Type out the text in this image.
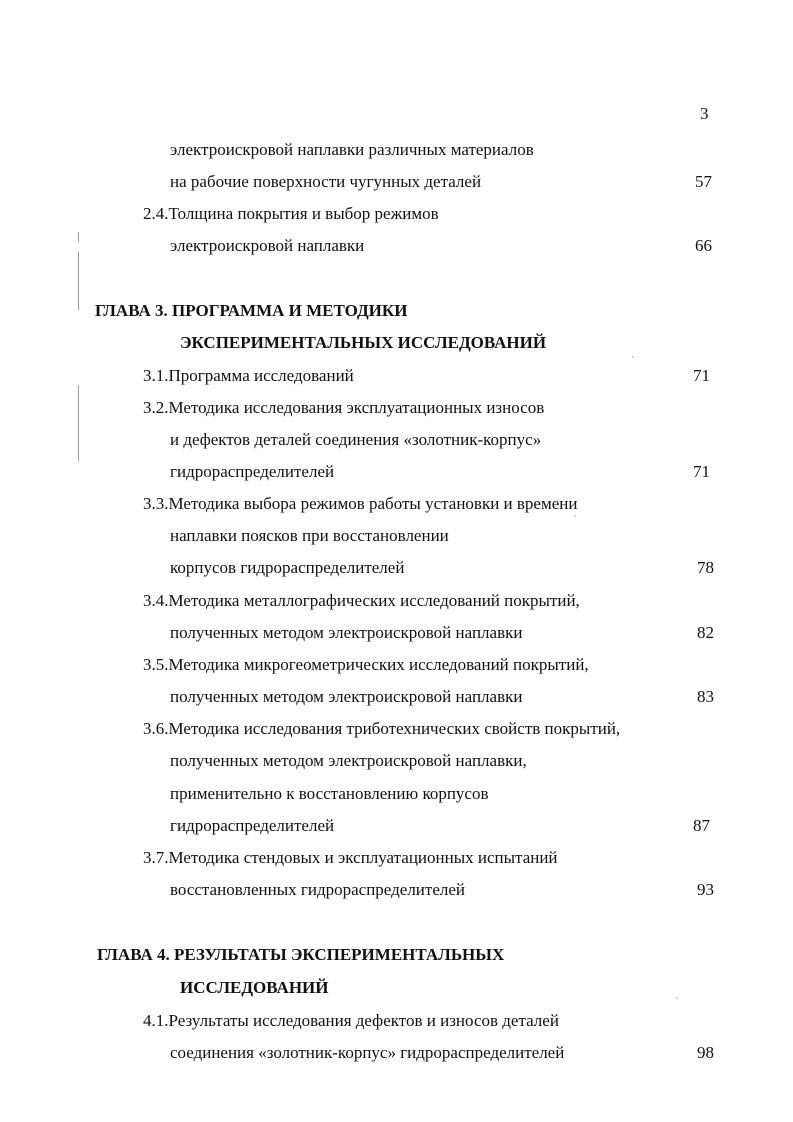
3
электроискровой наплавки различных материалов
на рабочие поверхности чугунных деталей	57
2.4.Толщина покрытия и выбор режимов
электроискровой наплавки	66
ГЛАВА 3. ПРОГРАММА И МЕТОДИКИ
ЭКСПЕРИМЕНТАЛЬНЫХ ИССЛЕДОВАНИЙ
3.1.Программа исследований	71
3.2.Методика исследования эксплуатационных износов
и дефектов деталей соединения «золотник-корпус»
гидрораспределителей	71
3.3.Методика выбора режимов работы установки и времени
наплавки поясков при восстановлении
корпусов гидрораспределителей	78
3.4.Методика металлографических исследований покрытий,
полученных методом электроискровой наплавки	82
3.5.Методика микрогеометрических исследований покрытий,
полученных методом электроискровой наплавки	83
3.6.Методика исследования триботехнических свойств покрытий,
полученных методом электроискровой наплавки,
применительно к восстановлению корпусов
гидрораспределителей	87
3.7.Методика стендовых и эксплуатационных испытаний
восстановленных гидрораспределителей	93
ГЛАВА 4. РЕЗУЛЬТАТЫ ЭКСПЕРИМЕНТАЛЬНЫХ
ИССЛЕДОВАНИЙ
4.1.Результаты исследования дефектов и износов деталей
соединения «золотник-корпус» гидрораспределителей	98
